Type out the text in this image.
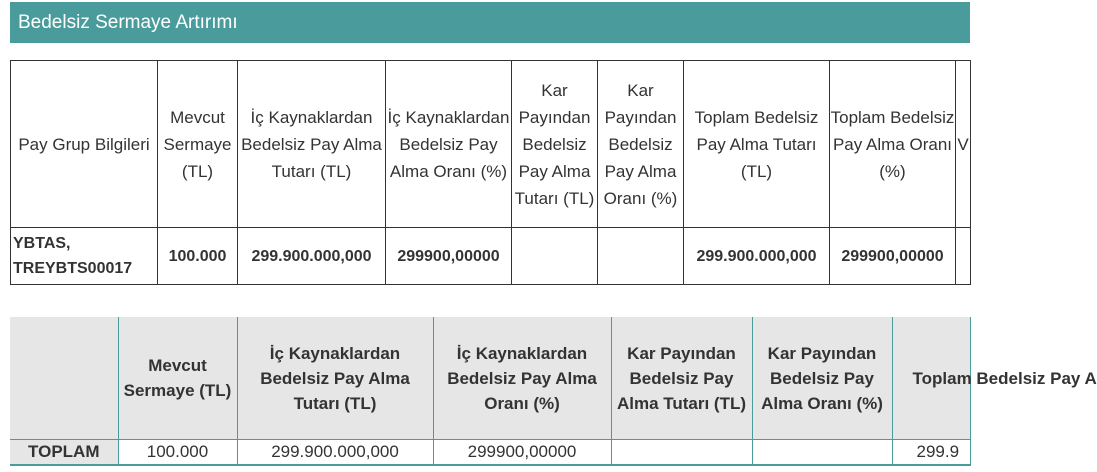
Bedelsiz Sermaye Artırımı
Pay Grup Bilgileri	Mevcut Sermaye (TL)	İç Kaynaklardan Bedelsiz Pay Alma Tutarı (TL)	İç Kaynaklardan Bedelsiz Pay Alma Oranı (%)	Kar Payından Bedelsiz Pay Alma Tutarı (TL)	Kar Payından Bedelsiz Pay Alma Oranı (%)	Toplam Bedelsiz Pay Alma Tutarı (TL)	Toplam Bedelsiz Pay Alma Oranı (%)	V
YBTAS, TREYBTS00017	100.000	299.900.000,000	299900,00000			299.900.000,000	299900,00000	
	Mevcut Sermaye (TL)	İç Kaynaklardan Bedelsiz Pay Alma Tutarı (TL)	İç Kaynaklardan Bedelsiz Pay Alma Oranı (%)	Kar Payından Bedelsiz Pay Alma Tutarı (TL)	Kar Payından Bedelsiz Pay Alma Oranı (%)	Toplam Bedelsiz Pay A
TOPLAM	100.000	299.900.000,000	299900,00000			299.9
